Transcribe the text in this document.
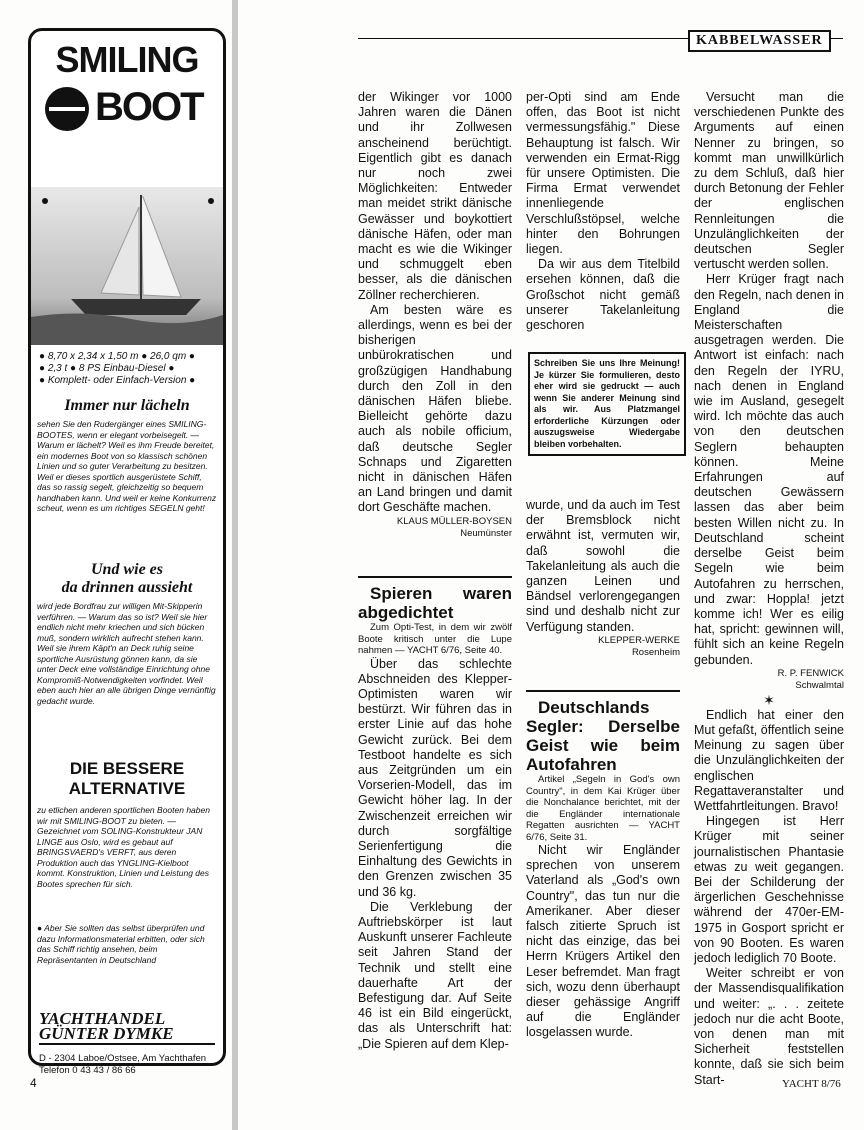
SMILING
BOOT
● 8,70 x 2,34 x 1,50 m ● 26,0 qm ●
● 2,3 t ● 8 PS Einbau-Diesel ●
● Komplett- oder Einfach-Version ●
Immer nur lächeln
sehen Sie den Rudergänger eines SMILING-BOOTES, wenn er elegant vorbeisegelt. — Warum er lächelt? Weil es ihm Freude bereitet, ein modernes Boot von so klassisch schönen Linien und so guter Verarbeitung zu besitzen. Weil er dieses sportlich ausgerüstete Schiff, das so rassig segelt, gleichzeitig so bequem handhaben kann. Und weil er keine Konkurrenz scheut, wenn es um richtiges SEGELN geht!
Und wie es
da drinnen aussieht
wird jede Bordfrau zur willigen Mit-Skipperin verführen. — Warum das so ist? Weil sie hier endlich nicht mehr kriechen und sich bücken muß, sondern wirklich aufrecht stehen kann. Weil sie ihrem Käpt'n an Deck ruhig seine sportliche Ausrüstung gönnen kann, da sie unter Deck eine vollständige Einrichtung ohne Kompromiß-Notwendigkeiten vorfindet. Weil eben auch hier an alle übrigen Dinge vernünftig gedacht wurde.
DIE BESSERE
ALTERNATIVE
zu etlichen anderen sportlichen Booten haben wir mit SMILING-BOOT zu bieten. — Gezeichnet vom SOLING-Konstrukteur JAN LINGE aus Oslo, wird es gebaut auf BRINGSVAERD's VERFT, aus deren Produktion auch das YNGLING-Kielboot kommt. Konstruktion, Linien und Leistung des Bootes sprechen für sich.
● Aber Sie sollten das selbst überprüfen und dazu Informationsmaterial erbitten, oder sich das Schiff richtig ansehen, beim Repräsentanten in Deutschland
YACHTHANDEL
GÜNTER DYMKE
D - 2304 Laboe/Ostsee, Am Yachthafen
Telefon 0 43 43 / 86 66
KABBELWASSER

der Wikinger vor 1000 Jahren waren die Dänen und ihr Zollwesen anscheinend berüchtigt. Eigentlich gibt es danach nur noch zwei Möglichkeiten: Entweder man meidet strikt dänische Gewässer und boykottiert dänische Häfen, oder man macht es wie die Wikinger und schmuggelt eben besser, als die dänischen Zöllner recherchieren.

Am besten wäre es allerdings, wenn es bei der bisherigen unbürokratischen und großzügigen Handhabung durch den Zoll in den dänischen Häfen bliebe. Bielleicht gehörte dazu auch als nobile officium, daß deutsche Segler Schnaps und Zigaretten nicht in dänischen Häfen an Land bringen und damit dort Geschäfte machen.

KLAUS MÜLLER-BOYSEN
Neumünster

Spieren waren abgedichtet

Zum Opti-Test, in dem wir zwölf Boote kritisch unter die Lupe nahmen — YACHT 6/76, Seite 40.

Über das schlechte Abschneiden des Klepper-Optimisten waren wir bestürzt. Wir führen das in erster Linie auf das hohe Gewicht zurück. Bei dem Testboot handelte es sich aus Zeitgründen um ein Vorserien-Modell, das im Gewicht höher lag. In der Zwischenzeit erreichen wir durch sorgfältige Serienfertigung die Einhaltung des Gewichts in den Grenzen zwischen 35 und 36 kg.

Die Verklebung der Auftriebskörper ist laut Auskunft unserer Fachleute seit Jahren Stand der Technik und stellt eine dauerhafte Art der Befestigung dar. Auf Seite 46 ist ein Bild eingerückt, das als Unterschrift hat: „Die Spieren auf dem Klep-

per-Opti sind am Ende offen, das Boot ist nicht vermessungsfähig." Diese Behauptung ist falsch. Wir verwenden ein Ermat-Rigg für unsere Optimisten. Die Firma Ermat verwendet innenliegende Verschlußstöpsel, welche hinter den Bohrungen liegen.

Da wir aus dem Titelbild ersehen können, daß die Großschot nicht gemäß unserer Takelanleitung geschoren

Schreiben Sie uns Ihre Meinung! Je kürzer Sie formulieren, desto eher wird sie gedruckt — auch wenn Sie anderer Meinung sind als wir. Aus Platzmangel erforderliche Kürzungen oder auszugsweise Wiedergabe bleiben vorbehalten.

wurde, und da auch im Test der Bremsblock nicht erwähnt ist, vermuten wir, daß sowohl die Takelanleitung als auch die ganzen Leinen und Bändsel verlorengegangen sind und deshalb nicht zur Verfügung standen.

KLEPPER-WERKE
Rosenheim

Deutschlands Segler: Derselbe Geist wie beim Autofahren

Artikel „Segeln in God's own Country", in dem Kai Krüger über die Nonchalance berichtet, mit der die Engländer internationale Regatten ausrichten — YACHT 6/76, Seite 31.

Nicht wir Engländer sprechen von unserem Vaterland als „God's own Country", das tun nur die Amerikaner. Aber dieser falsch zitierte Spruch ist nicht das einzige, das bei Herrn Krügers Artikel den Leser befremdet. Man fragt sich, wozu denn überhaupt dieser gehässige Angriff auf die Engländer losgelassen wurde.

Versucht man die verschiedenen Punkte des Arguments auf einen Nenner zu bringen, so kommt man unwillkürlich zu dem Schluß, daß hier durch Betonung der Fehler der englischen Rennleitungen die Unzulänglichkeiten der deutschen Segler vertuscht werden sollen.

Herr Krüger fragt nach den Regeln, nach denen in England die Meisterschaften ausgetragen werden. Die Antwort ist einfach: nach den Regeln der IYRU, nach denen in England wie im Ausland, gesegelt wird. Ich möchte das auch von den deutschen Seglern behaupten können. Meine Erfahrungen auf deutschen Gewässern lassen das aber beim besten Willen nicht zu. In Deutschland scheint derselbe Geist beim Segeln wie beim Autofahren zu herrschen, und zwar: Hoppla! jetzt komme ich! Wer es eilig hat, spricht: gewinnen will, fühlt sich an keine Regeln gebunden.

R. P. FENWICK
Schwalmtal
✶

Endlich hat einer den Mut gefaßt, öffentlich seine Meinung zu sagen über die Unzulänglichkeiten der englischen Regattaveranstalter und Wettfahrtleitungen. Bravo!

Hingegen ist Herr Krüger mit seiner journalistischen Phantasie etwas zu weit gegangen. Bei der Schilderung der ärgerlichen Geschehnisse während der 470er-EM-1975 in Gosport spricht er von 90 Booten. Es waren jedoch lediglich 70 Boote.

Weiter schreibt er von der Massendisqualifikation und weiter: „. . . zeitete jedoch nur die acht Boote, von denen man mit Sicherheit feststellen konnte, daß sie sich beim Start-

4	YACHT 8/76
